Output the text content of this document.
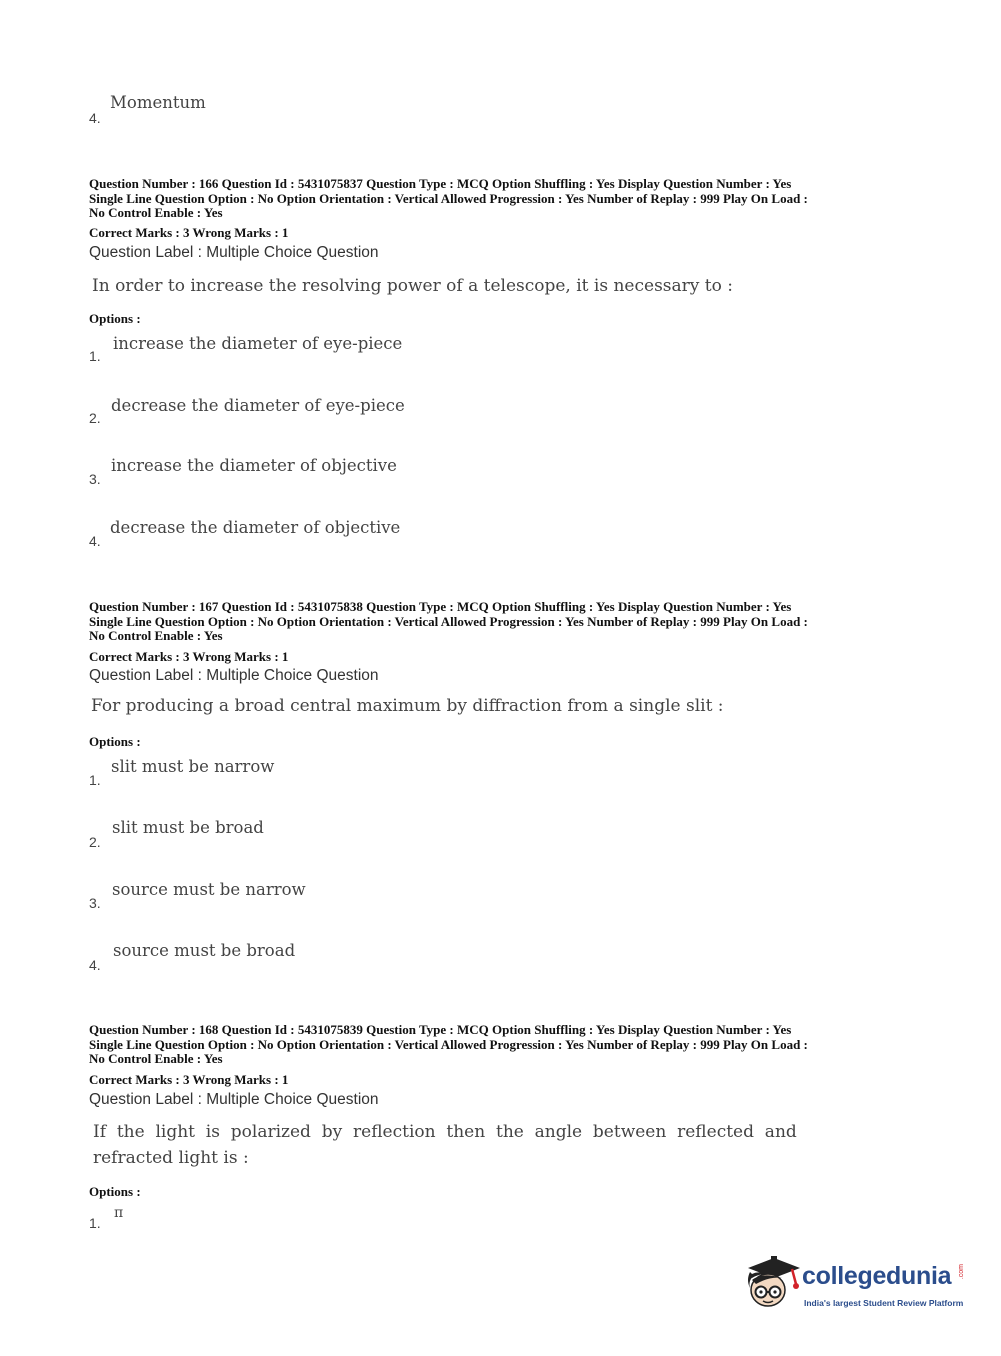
Momentum
4.
Question Number : 166 Question Id : 5431075837 Question Type : MCQ Option Shuffling : Yes Display Question Number : Yes
Single Line Question Option : No Option Orientation : Vertical Allowed Progression : Yes Number of Replay : 999 Play On Load :
No Control Enable : Yes
Correct Marks : 3 Wrong Marks : 1
Question Label : Multiple Choice Question
In order to increase the resolving power of a telescope, it is necessary to :
Options :
increase the diameter of eye-piece
1.
decrease the diameter of eye-piece
2.
increase the diameter of objective
3.
decrease the diameter of objective
4.
Question Number : 167 Question Id : 5431075838 Question Type : MCQ Option Shuffling : Yes Display Question Number : Yes
Single Line Question Option : No Option Orientation : Vertical Allowed Progression : Yes Number of Replay : 999 Play On Load :
No Control Enable : Yes
Correct Marks : 3 Wrong Marks : 1
Question Label : Multiple Choice Question
For producing a broad central maximum by diffraction from a single slit :
Options :
slit must be narrow
1.
slit must be broad
2.
source must be narrow
3.
source must be broad
4.
Question Number : 168 Question Id : 5431075839 Question Type : MCQ Option Shuffling : Yes Display Question Number : Yes
Single Line Question Option : No Option Orientation : Vertical Allowed Progression : Yes Number of Replay : 999 Play On Load :
No Control Enable : Yes
Correct Marks : 3 Wrong Marks : 1
Question Label : Multiple Choice Question
If  the  light  is  polarized  by  reflection  then  the  angle  between  reflected  and
refracted light is :
Options :
π
1.
collegedunia .com
India's largest Student Review Platform
